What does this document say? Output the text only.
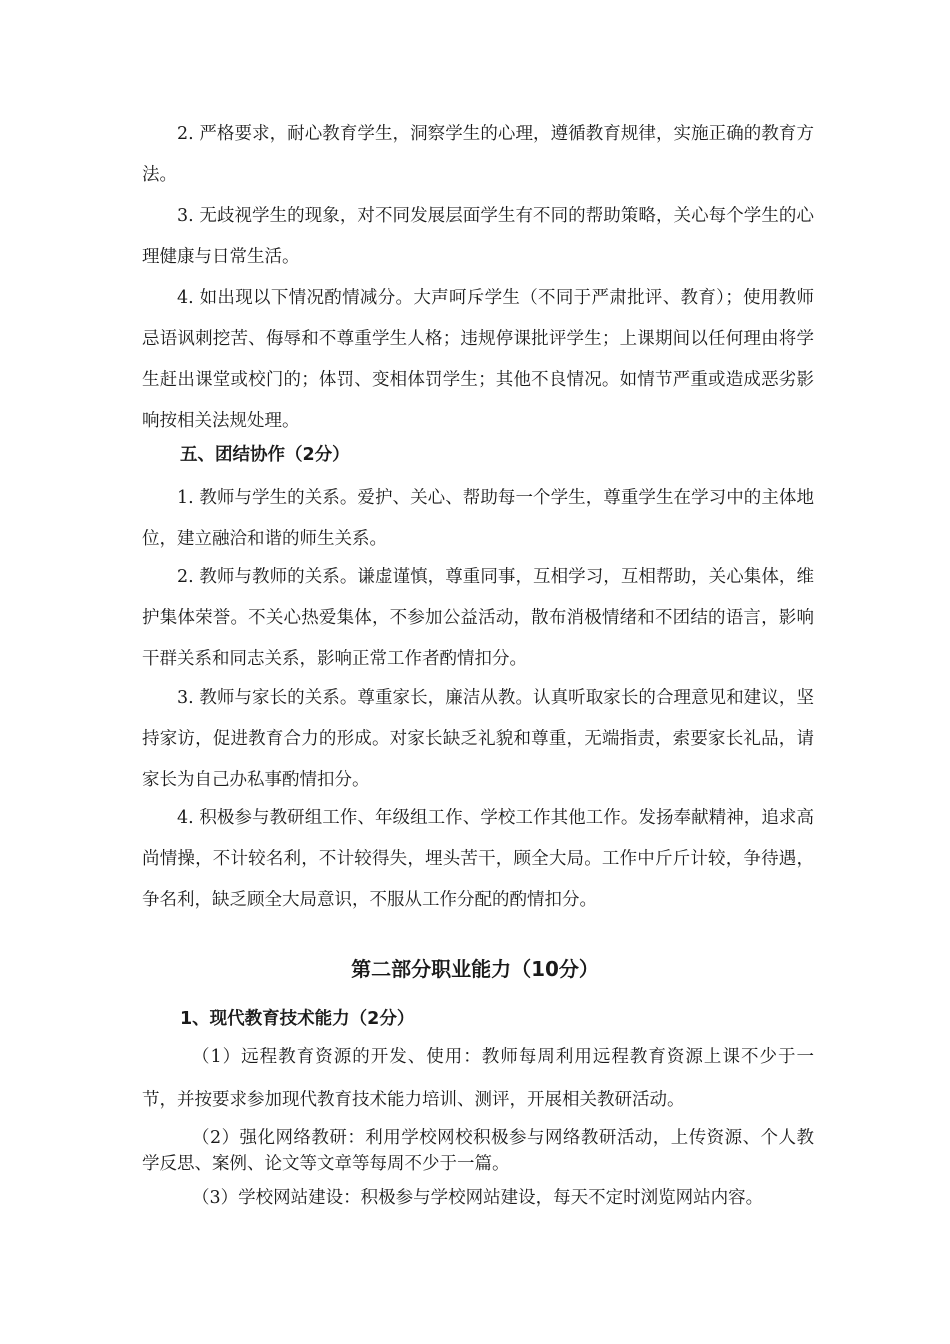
2. 严格要求，耐心教育学生，洞察学生的心理，遵循教育规律，实施正确的教育方法。

3. 无歧视学生的现象，对不同发展层面学生有不同的帮助策略，关心每个学生的心理健康与日常生活。

4. 如出现以下情况酌情减分。大声呵斥学生（不同于严肃批评、教育）；使用教师忌语讽刺挖苦、侮辱和不尊重学生人格；违规停课批评学生；上课期间以任何理由将学生赶出课堂或校门的；体罚、变相体罚学生；其他不良情况。如情节严重或造成恶劣影响按相关法规处理。

五、团结协作（2分）

1. 教师与学生的关系。爱护、关心、帮助每一个学生，尊重学生在学习中的主体地位，建立融洽和谐的师生关系。

2. 教师与教师的关系。谦虚谨慎，尊重同事，互相学习，互相帮助，关心集体，维护集体荣誉。不关心热爱集体，不参加公益活动，散布消极情绪和不团结的语言，影响干群关系和同志关系，影响正常工作者酌情扣分。

3. 教师与家长的关系。尊重家长，廉洁从教。认真听取家长的合理意见和建议，坚持家访，促进教育合力的形成。对家长缺乏礼貌和尊重，无端指责，索要家长礼品，请家长为自己办私事酌情扣分。

4. 积极参与教研组工作、年级组工作、学校工作其他工作。发扬奉献精神，追求高尚情操，不计较名利，不计较得失，埋头苦干，顾全大局。工作中斤斤计较，争待遇，争名利，缺乏顾全大局意识，不服从工作分配的酌情扣分。

第二部分职业能力（10分）

1、现代教育技术能力（2分）

（1）远程教育资源的开发、使用：教师每周利用远程教育资源上课不少于一节，并按要求参加现代教育技术能力培训、测评，开展相关教研活动。

（2）强化网络教研：利用学校网校积极参与网络教研活动，上传资源、个人教学反思、案例、论文等文章等每周不少于一篇。

（3）学校网站建设：积极参与学校网站建设，每天不定时浏览网站内容。
